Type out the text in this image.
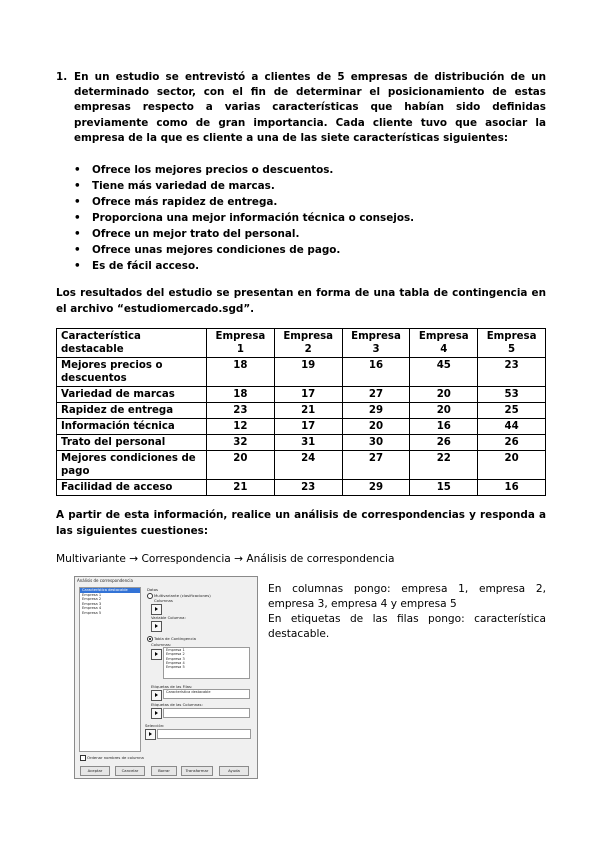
1. En un estudio se entrevistó a clientes de 5 empresas de distribución de un determinado sector, con el fin de determinar el posicionamiento de estas empresas respecto a varias características que habían sido definidas previamente como de gran importancia. Cada cliente tuvo que asociar la empresa de la que es cliente a una de las siete características siguientes:
• Ofrece los mejores precios o descuentos.
• Tiene más variedad de marcas.
• Ofrece más rapidez de entrega.
• Proporciona una mejor información técnica o consejos.
• Ofrece un mejor trato del personal.
• Ofrece unas mejores condiciones de pago.
• Es de fácil acceso.
Los resultados del estudio se presentan en forma de una tabla de contingencia en el archivo “estudiomercado.sgd”.
Característica destacable	Empresa 1	Empresa 2	Empresa 3	Empresa 4	Empresa 5
Mejores precios o descuentos	18	19	16	45	23
Variedad de marcas	18	17	27	20	53
Rapidez de entrega	23	21	29	20	25
Información técnica	12	17	20	16	44
Trato del personal	32	31	30	26	26
Mejores condiciones de pago	20	24	27	22	20
Facilidad de acceso	21	23	29	15	16
A partir de esta información, realice un análisis de correspondencias y responda a las siguientes cuestiones:
Multivariante → Correspondencia → Análisis de correspondencia
Análisis de correspondencia
Característica destacable
Empresa 1
Empresa 2
Empresa 3
Empresa 4
Empresa 5
Datos
Multivariante (clasificaciones)
Columnas
Variable Columna:
Tabla de Contingencia
Columnas:
Empresa 1
Empresa 2
Empresa 3
Empresa 4
Empresa 5
Etiquetas de las Filas:
Característica destacable
Etiquetas de las Columnas:
Selección:
Ordenar nombres de columna
Aceptar	Cancelar	Borrar	Transformar	Ayuda
En columnas pongo: empresa 1, empresa 2, empresa 3, empresa 4 y empresa 5
En etiquetas de las filas pongo: característica destacable.
